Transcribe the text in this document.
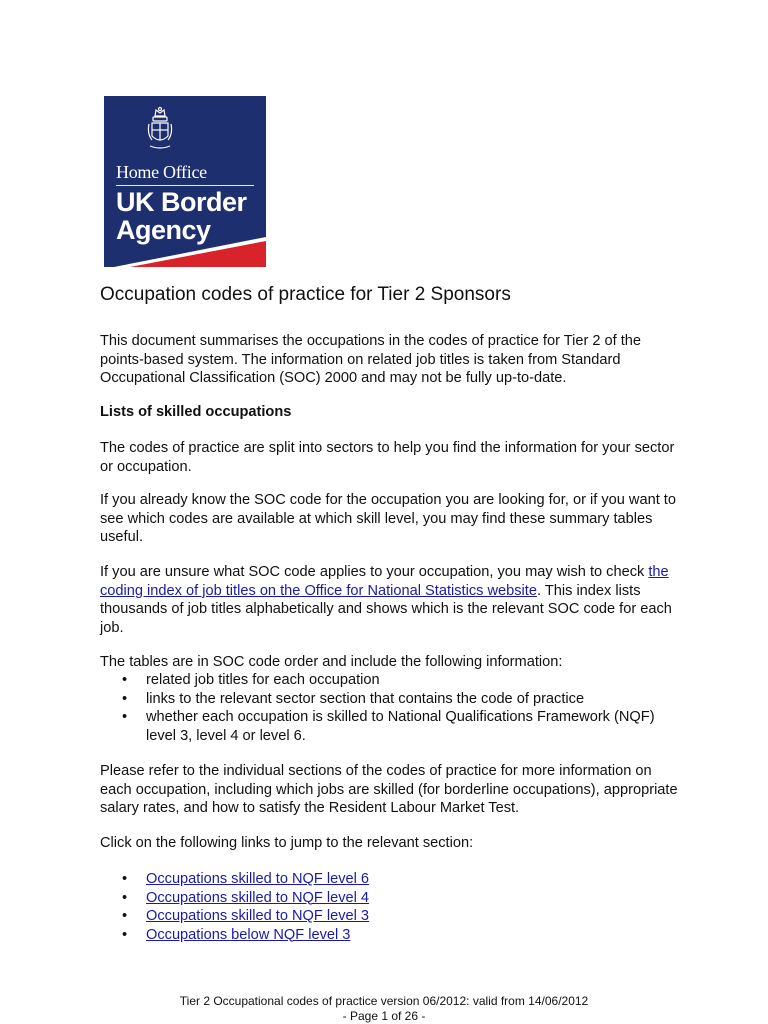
Home Office
UK Border
Agency
Occupation codes of practice for Tier 2 Sponsors

This document summarises the occupations in the codes of practice for Tier 2 of the points-based system. The information on related job titles is taken from Standard Occupational Classification (SOC) 2000 and may not be fully up-to-date.

Lists of skilled occupations

The codes of practice are split into sectors to help you find the information for your sector or occupation.

If you already know the SOC code for the occupation you are looking for, or if you want to see which codes are available at which skill level, you may find these summary tables useful.

If you are unsure what SOC code applies to your occupation, you may wish to check the coding index of job titles on the Office for National Statistics website. This index lists thousands of job titles alphabetically and shows which is the relevant SOC code for each job.

The tables are in SOC code order and include the following information:

• related job titles for each occupation
• links to the relevant sector section that contains the code of practice
• whether each occupation is skilled to National Qualifications Framework (NQF) level 3, level 4 or level 6.

Please refer to the individual sections of the codes of practice for more information on each occupation, including which jobs are skilled (for borderline occupations), appropriate salary rates, and how to satisfy the Resident Labour Market Test.

Click on the following links to jump to the relevant section:

• Occupations skilled to NQF level 6
• Occupations skilled to NQF level 4
• Occupations skilled to NQF level 3
• Occupations below NQF level 3
Tier 2 Occupational codes of practice version 06/2012: valid from 14/06/2012
- Page 1 of 26 -
